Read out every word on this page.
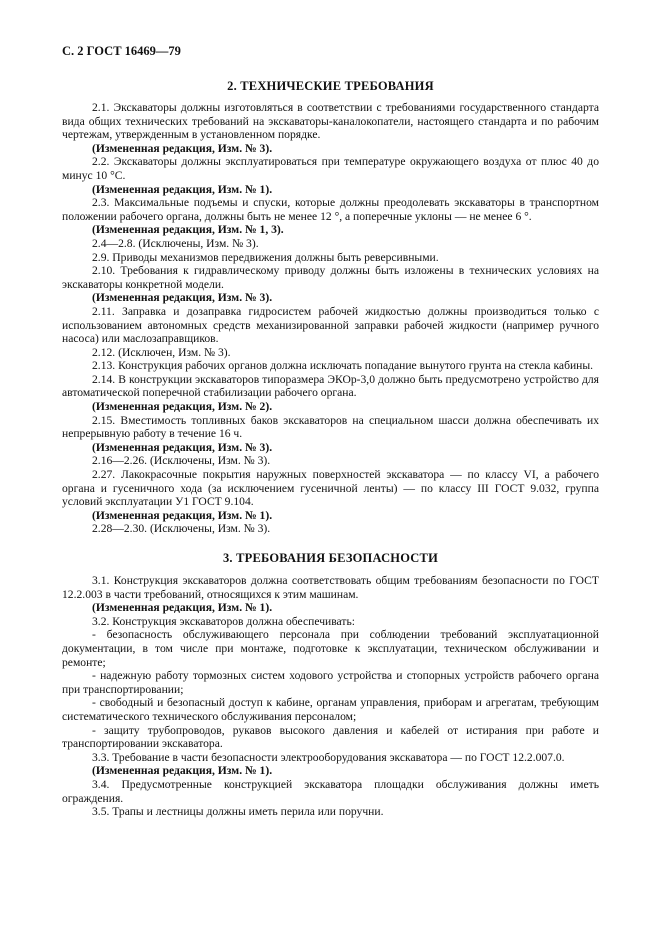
С. 2 ГОСТ 16469—79
2. ТЕХНИЧЕСКИЕ ТРЕБОВАНИЯ

2.1. Экскаваторы должны изготовляться в соответствии с требованиями государственного стандарта вида общих технических требований на экскаваторы-каналокопатели, настоящего стандарта и по рабочим чертежам, утвержденным в установленном порядке.

(Измененная редакция, Изм. № 3).

2.2. Экскаваторы должны эксплуатироваться при температуре окружающего воздуха от плюс 40 до минус 10 °С.

(Измененная редакция, Изм. № 1).

2.3. Максимальные подъемы и спуски, которые должны преодолевать экскаваторы в транспортном положении рабочего органа, должны быть не менее 12 °, а поперечные уклоны — не менее 6 °.

(Измененная редакция, Изм. № 1, 3).

2.4—2.8. (Исключены, Изм. № 3).

2.9. Приводы механизмов передвижения должны быть реверсивными.

2.10. Требования к гидравлическому приводу должны быть изложены в технических условиях на экскаваторы конкретной модели.

(Измененная редакция, Изм. № 3).

2.11. Заправка и дозаправка гидросистем рабочей жидкостью должны производиться только с использованием автономных средств механизированной заправки рабочей жидкости (например ручного насоса) или маслозаправщиков.

2.12. (Исключен, Изм. № 3).

2.13. Конструкция рабочих органов должна исключать попадание вынутого грунта на стекла кабины.

2.14. В конструкции экскаваторов типоразмера ЭКОр-3,0 должно быть предусмотрено устройство для автоматической поперечной стабилизации рабочего органа.

(Измененная редакция, Изм. № 2).

2.15. Вместимость топливных баков экскаваторов на специальном шасси должна обеспечивать их непрерывную работу в течение 16 ч.

(Измененная редакция, Изм. № 3).

2.16—2.26. (Исключены, Изм. № 3).

2.27. Лакокрасочные покрытия наружных поверхностей экскаватора — по классу VI, а рабочего органа и гусеничного хода (за исключением гусеничной ленты) — по классу III ГОСТ 9.032, группа условий эксплуатации У1 ГОСТ 9.104.

(Измененная редакция, Изм. № 1).

2.28—2.30. (Исключены, Изм. № 3).

3. ТРЕБОВАНИЯ БЕЗОПАСНОСТИ

3.1. Конструкция экскаваторов должна соответствовать общим требованиям безопасности по ГОСТ 12.2.003 в части требований, относящихся к этим машинам.

(Измененная редакция, Изм. № 1).

3.2. Конструкция экскаваторов должна обеспечивать:

- безопасность обслуживающего персонала при соблюдении требований эксплуатационной документации, в том числе при монтаже, подготовке к эксплуатации, техническом обслуживании и ремонте;

- надежную работу тормозных систем ходового устройства и стопорных устройств рабочего органа при транспортировании;

- свободный и безопасный доступ к кабине, органам управления, приборам и агрегатам, требующим систематического технического обслуживания персоналом;

- защиту трубопроводов, рукавов высокого давления и кабелей от истирания при работе и транспортировании экскаватора.

3.3. Требование в части безопасности электрооборудования экскаватора — по ГОСТ 12.2.007.0.

(Измененная редакция, Изм. № 1).

3.4. Предусмотренные конструкцией экскаватора площадки обслуживания должны иметь ограждения.

3.5. Трапы и лестницы должны иметь перила или поручни.
